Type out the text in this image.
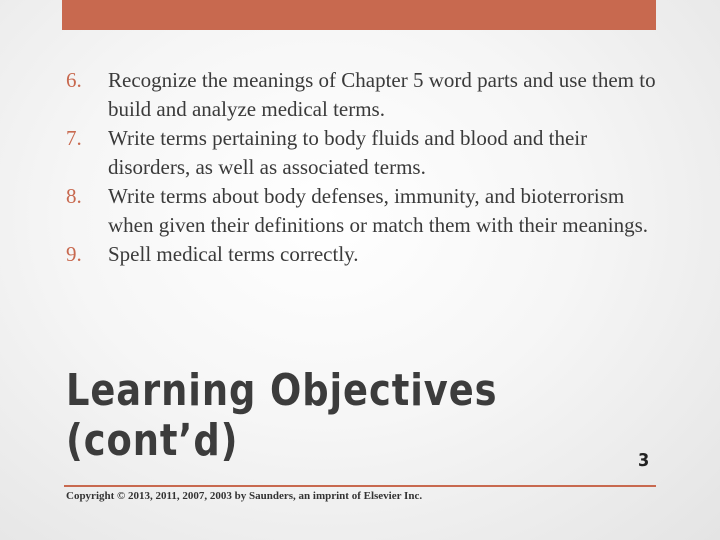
6. Recognize the meanings of Chapter 5 word parts and use them to build and analyze medical terms.
7. Write terms pertaining to body fluids and blood and their disorders, as well as associated terms.
8. Write terms about body defenses, immunity, and bioterrorism when given their definitions or match them with their meanings.
9. Spell medical terms correctly.
Learning Objectives (cont’d)	3
Copyright © 2013, 2011, 2007, 2003 by Saunders, an imprint of Elsevier Inc.
